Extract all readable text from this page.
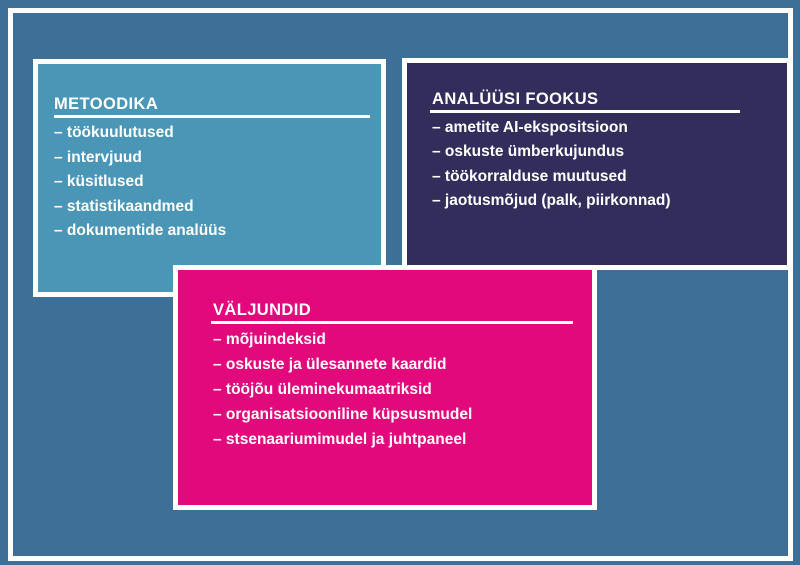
METOODIKA
– töökuulutused
– intervjuud
– küsitlused
– statistikaandmed
– dokumentide analüüs
ANALÜÜSI FOOKUS
– ametite AI-ekspositsioon
– oskuste ümberkujundus
– töökorralduse muutused
– jaotusmõjud (palk, piirkonnad)
VÄLJUNDID
– mõjuindeksid
– oskuste ja ülesannete kaardid
– tööjõu üleminekumaatriksid
– organisatsiooniline küpsusmudel
– stsenaariumimudel ja juhtpaneel
